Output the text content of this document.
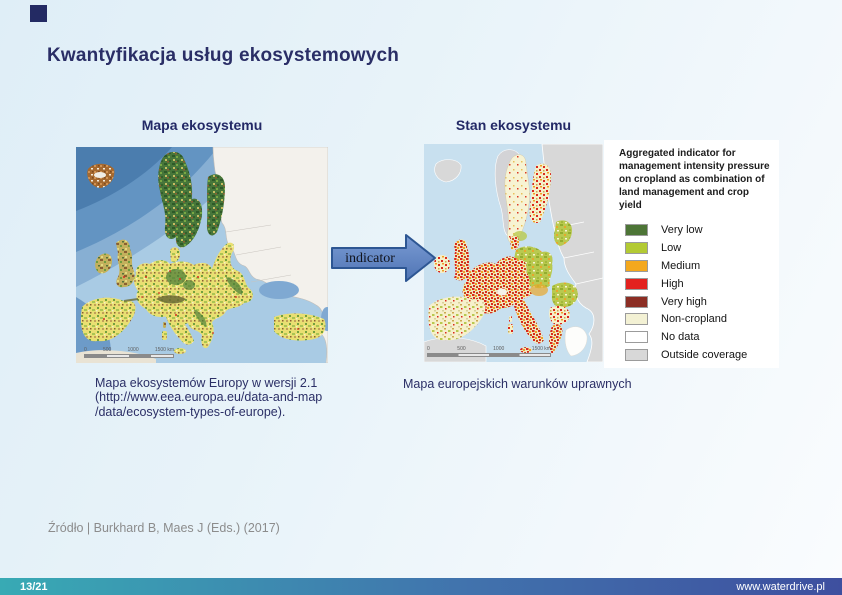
Kwantyfikacja usług ekosystemowych
Mapa ekosystemu	Stan ekosystemu
0	500	1000	1500 km
indicator
0	500	1000	1500 km
Aggregated indicator for management intensity pressure on cropland as combination of land management and crop yield
Very low
Low
Medium
High
Very high
Non-cropland
No data
Outside coverage
Mapa ekosystemów Europy w wersji 2.1
(http://www.eea.europa.eu/data-and-map
/data/ecosystem-types-of-europe).
Mapa europejskich warunków uprawnych
Źródło | Burkhard B, Maes J (Eds.) (2017)
13/21	www.waterdrive.pl
